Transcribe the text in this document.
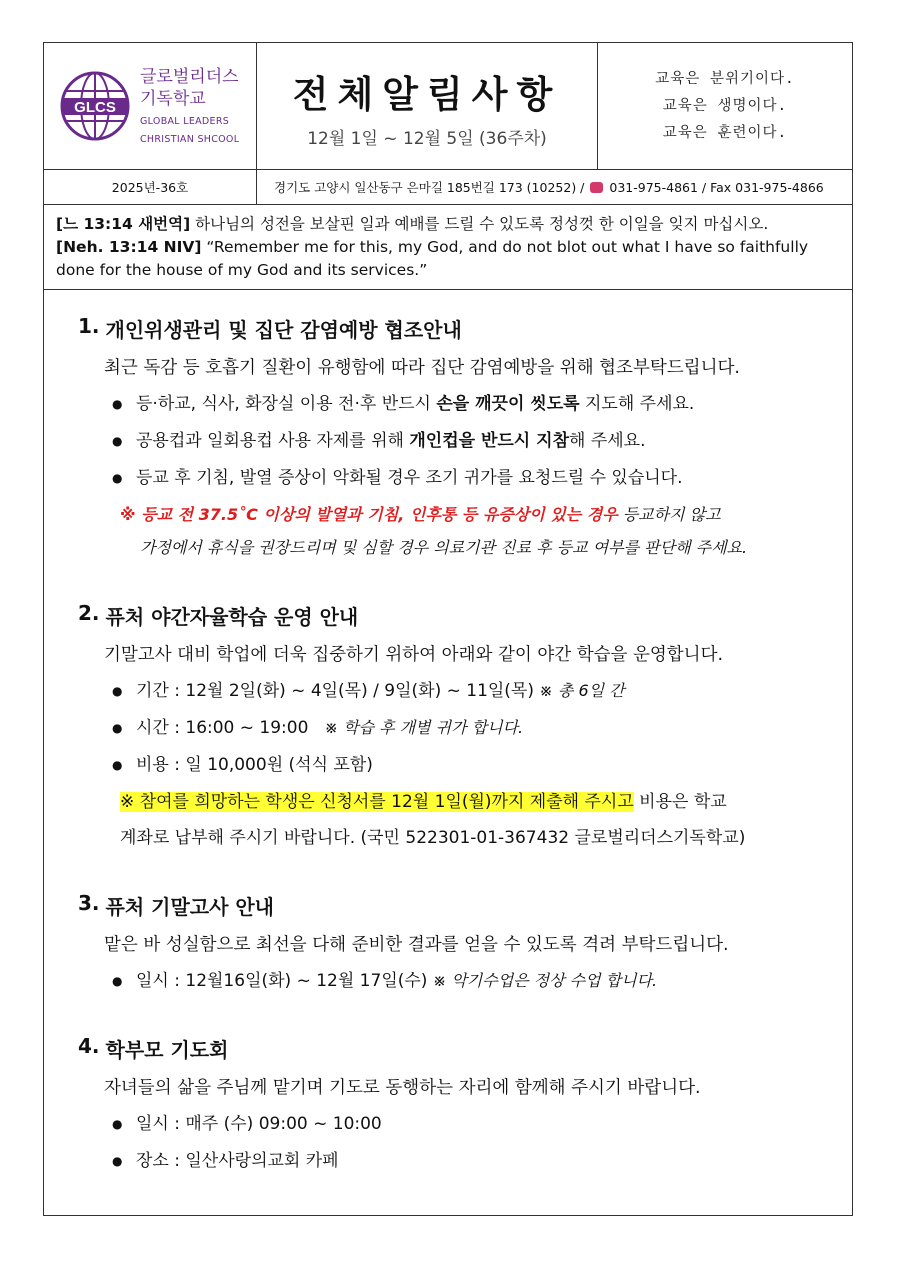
GLCS
글로벌리더스
기독학교
GLOBAL LEADERS
CHRISTIAN SHCOOL
전체알림사항
12월 1일 ~ 12월 5일 (36주차)
교육은 분위기이다.
교육은 생명이다.
교육은 훈련이다.
2025년-36호	경기도 고양시 일산동구 은마길 185번길 173 (10252) / 031-975-4861 / Fax 031-975-4866
[느 13:14 새번역] 하나님의 성전을 보살핀 일과 예배를 드릴 수 있도록 정성껏 한 이일을 잊지 마십시오.
[Neh. 13:14 NIV] “Remember me for this, my God, and do not blot out what I have so faithfully done for the house of my God and its services.”
1. 개인위생관리 및 집단 감염예방 협조안내
최근 독감 등 호흡기 질환이 유행함에 따라 집단 감염예방을 위해 협조부탁드립니다.
● 등·하교, 식사, 화장실 이용 전·후 반드시 손을 깨끗이 씻도록 지도해 주세요.
● 공용컵과 일회용컵 사용 자제를 위해 개인컵을 반드시 지참해 주세요.
● 등교 후 기침, 발열 증상이 악화될 경우 조기 귀가를 요청드릴 수 있습니다.
※ 등교 전 37.5˚C 이상의 발열과 기침, 인후통 등 유증상이 있는 경우 등교하지 않고
가정에서 휴식을 권장드리며 및 심할 경우 의료기관 진료 후 등교 여부를 판단해 주세요.
2. 퓨처 야간자율학습 운영 안내
기말고사 대비 학업에 더욱 집중하기 위하여 아래와 같이 야간 학습을 운영합니다.
● 기간 : 12월 2일(화) ~ 4일(목) / 9일(화) ~ 11일(목) ※ 총 6일 간
● 시간 : 16:00 ~ 19:00   ※ 학습 후 개별 귀가 합니다.
● 비용 : 일 10,000원 (석식 포함)
※ 참여를 희망하는 학생은 신청서를 12월 1일(월)까지 제출해 주시고 비용은 학교
계좌로 납부해 주시기 바랍니다. (국민 522301-01-367432 글로벌리더스기독학교)
3. 퓨처 기말고사 안내
맡은 바 성실함으로 최선을 다해 준비한 결과를 얻을 수 있도록 격려 부탁드립니다.
● 일시 : 12월16일(화) ~ 12월 17일(수) ※ 악기수업은 정상 수업 합니다.
4. 학부모 기도회
자녀들의 삶을 주님께 맡기며 기도로 동행하는 자리에 함께해 주시기 바랍니다.
● 일시 : 매주 (수) 09:00 ~ 10:00
● 장소 : 일산사랑의교회 카페
